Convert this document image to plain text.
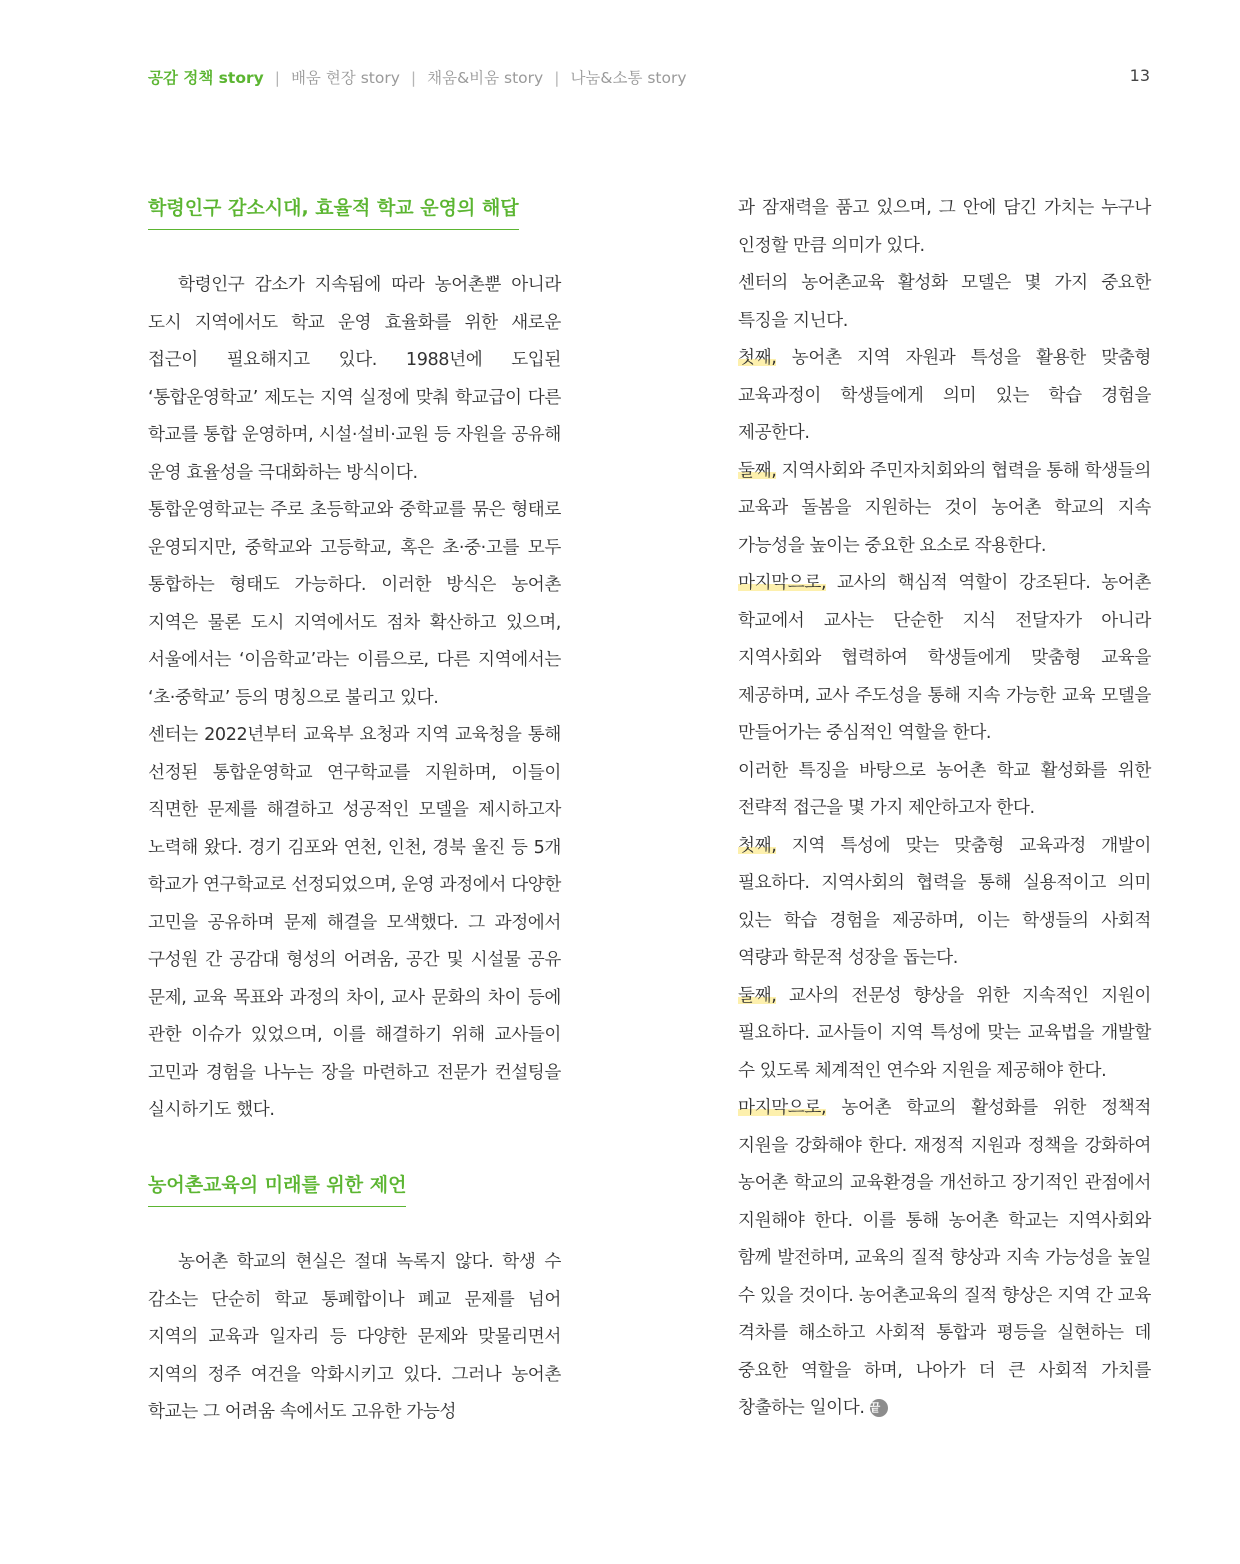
공감 정책 story | 배움 현장 story | 채움&비움 story | 나눔&소통 story	13
학령인구 감소시대, 효율적 학교 운영의 해답

학령인구 감소가 지속됨에 따라 농어촌뿐 아니라 도시 지역에서도 학교 운영 효율화를 위한 새로운 접근이 필요해지고 있다. 1988년에 도입된 ‘통합운영학교’ 제도는 지역 실정에 맞춰 학교급이 다른 학교를 통합 운영하며, 시설·설비·교원 등 자원을 공유해 운영 효율성을 극대화하는 방식이다.

통합운영학교는 주로 초등학교와 중학교를 묶은 형태로 운영되지만, 중학교와 고등학교, 혹은 초·중·고를 모두 통합하는 형태도 가능하다. 이러한 방식은 농어촌 지역은 물론 도시 지역에서도 점차 확산하고 있으며, 서울에서는 ‘이음학교’라는 이름으로, 다른 지역에서는 ‘초·중학교’ 등의 명칭으로 불리고 있다.

센터는 2022년부터 교육부 요청과 지역 교육청을 통해 선정된 통합운영학교 연구학교를 지원하며, 이들이 직면한 문제를 해결하고 성공적인 모델을 제시하고자 노력해 왔다. 경기 김포와 연천, 인천, 경북 울진 등 5개 학교가 연구학교로 선정되었으며, 운영 과정에서 다양한 고민을 공유하며 문제 해결을 모색했다. 그 과정에서 구성원 간 공감대 형성의 어려움, 공간 및 시설물 공유 문제, 교육 목표와 과정의 차이, 교사 문화의 차이 등에 관한 이슈가 있었으며, 이를 해결하기 위해 교사들이 고민과 경험을 나누는 장을 마련하고 전문가 컨설팅을 실시하기도 했다.

농어촌교육의 미래를 위한 제언

농어촌 학교의 현실은 절대 녹록지 않다. 학생 수 감소는 단순히 학교 통폐합이나 폐교 문제를 넘어 지역의 교육과 일자리 등 다양한 문제와 맞물리면서 지역의 정주 여건을 악화시키고 있다. 그러나 농어촌 학교는 그 어려움 속에서도 고유한 가능성

과 잠재력을 품고 있으며, 그 안에 담긴 가치는 누구나 인정할 만큼 의미가 있다.

센터의 농어촌교육 활성화 모델은 몇 가지 중요한 특징을 지닌다.

첫째, 농어촌 지역 자원과 특성을 활용한 맞춤형 교육과정이 학생들에게 의미 있는 학습 경험을 제공한다.

둘째, 지역사회와 주민자치회와의 협력을 통해 학생들의 교육과 돌봄을 지원하는 것이 농어촌 학교의 지속 가능성을 높이는 중요한 요소로 작용한다.

마지막으로, 교사의 핵심적 역할이 강조된다. 농어촌 학교에서 교사는 단순한 지식 전달자가 아니라 지역사회와 협력하여 학생들에게 맞춤형 교육을 제공하며, 교사 주도성을 통해 지속 가능한 교육 모델을 만들어가는 중심적인 역할을 한다.

이러한 특징을 바탕으로 농어촌 학교 활성화를 위한 전략적 접근을 몇 가지 제안하고자 한다.

첫째, 지역 특성에 맞는 맞춤형 교육과정 개발이 필요하다. 지역사회의 협력을 통해 실용적이고 의미 있는 학습 경험을 제공하며, 이는 학생들의 사회적 역량과 학문적 성장을 돕는다.

둘째, 교사의 전문성 향상을 위한 지속적인 지원이 필요하다. 교사들이 지역 특성에 맞는 교육법을 개발할 수 있도록 체계적인 연수와 지원을 제공해야 한다.

마지막으로, 농어촌 학교의 활성화를 위한 정책적 지원을 강화해야 한다. 재정적 지원과 정책을 강화하여 농어촌 학교의 교육환경을 개선하고 장기적인 관점에서 지원해야 한다. 이를 통해 농어촌 학교는 지역사회와 함께 발전하며, 교육의 질적 향상과 지속 가능성을 높일 수 있을 것이다. 농어촌교육의 질적 향상은 지역 간 교육 격차를 해소하고 사회적 통합과 평등을 실현하는 데 중요한 역할을 하며, 나아가 더 큰 사회적 가치를 창출하는 일이다. 끝
